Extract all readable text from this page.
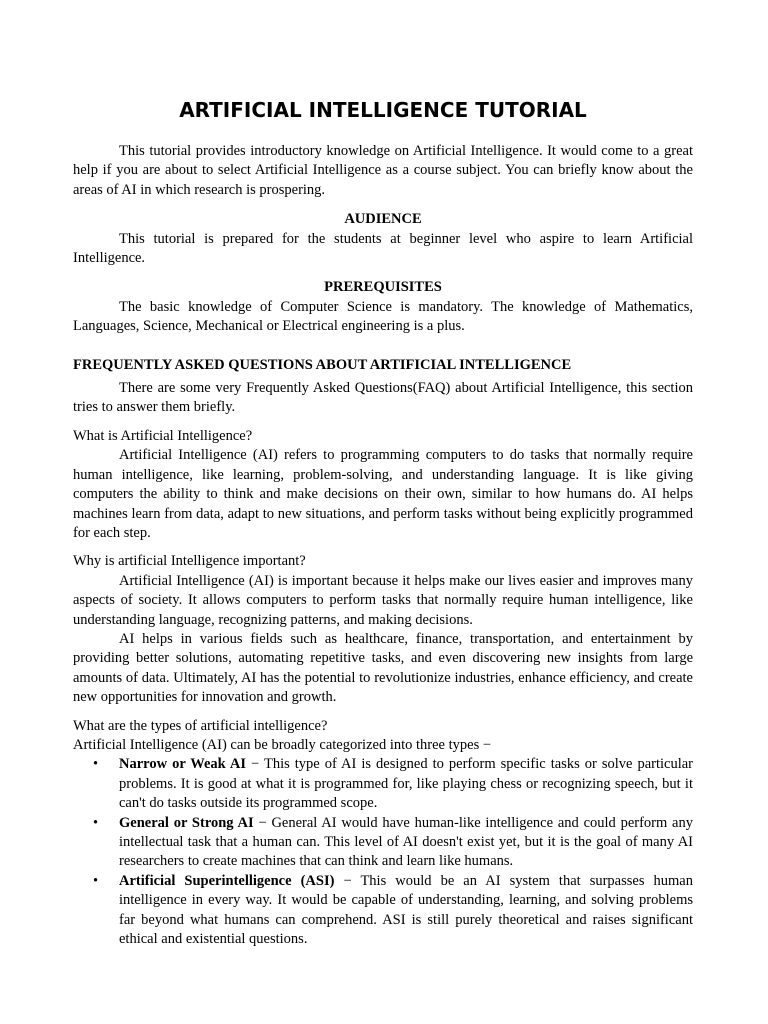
ARTIFICIAL INTELLIGENCE TUTORIAL

This tutorial provides introductory knowledge on Artificial Intelligence. It would come to a great help if you are about to select Artificial Intelligence as a course subject. You can briefly know about the areas of AI in which research is prospering.

AUDIENCE

This tutorial is prepared for the students at beginner level who aspire to learn Artificial Intelligence.

PREREQUISITES

The basic knowledge of Computer Science is mandatory. The knowledge of Mathematics, Languages, Science, Mechanical or Electrical engineering is a plus.

FREQUENTLY ASKED QUESTIONS ABOUT ARTIFICIAL INTELLIGENCE

There are some very Frequently Asked Questions(FAQ) about Artificial Intelligence, this section tries to answer them briefly.

What is Artificial Intelligence?

Artificial Intelligence (AI) refers to programming computers to do tasks that normally require human intelligence, like learning, problem-solving, and understanding language. It is like giving computers the ability to think and make decisions on their own, similar to how humans do. AI helps machines learn from data, adapt to new situations, and perform tasks without being explicitly programmed for each step.

Why is artificial Intelligence important?

Artificial Intelligence (AI) is important because it helps make our lives easier and improves many aspects of society. It allows computers to perform tasks that normally require human intelligence, like understanding language, recognizing patterns, and making decisions.

AI helps in various fields such as healthcare, finance, transportation, and entertainment by providing better solutions, automating repetitive tasks, and even discovering new insights from large amounts of data. Ultimately, AI has the potential to revolutionize industries, enhance efficiency, and create new opportunities for innovation and growth.

What are the types of artificial intelligence?

Artificial Intelligence (AI) can be broadly categorized into three types −

• Narrow or Weak AI − This type of AI is designed to perform specific tasks or solve particular problems. It is good at what it is programmed for, like playing chess or recognizing speech, but it can't do tasks outside its programmed scope.
• General or Strong AI − General AI would have human-like intelligence and could perform any intellectual task that a human can. This level of AI doesn't exist yet, but it is the goal of many AI researchers to create machines that can think and learn like humans.
• Artificial Superintelligence (ASI) − This would be an AI system that surpasses human intelligence in every way. It would be capable of understanding, learning, and solving problems far beyond what humans can comprehend. ASI is still purely theoretical and raises significant ethical and existential questions.
